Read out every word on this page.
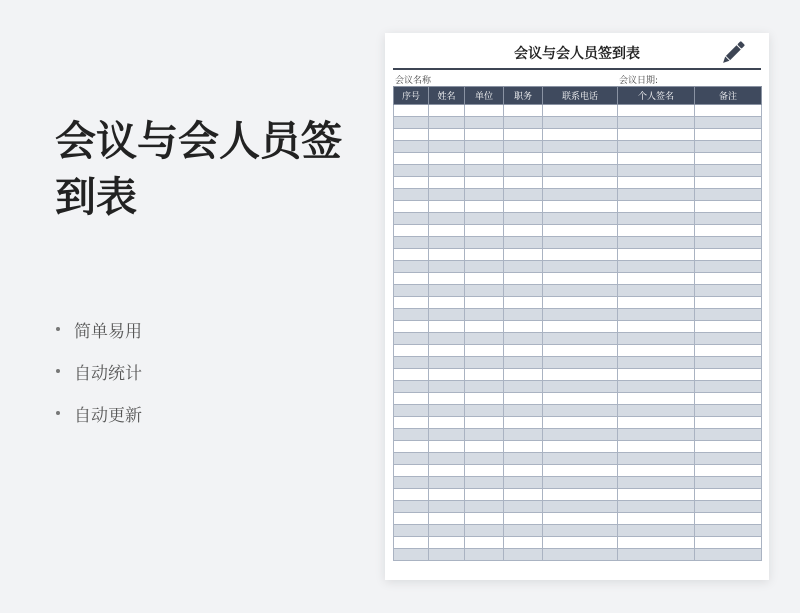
会议与会人员签到表
简单易用
自动统计
自动更新
会议与会人员签到表
会议名称	会议日期:
序号	姓名	单位	职务	联系电话	个人签名	备注
